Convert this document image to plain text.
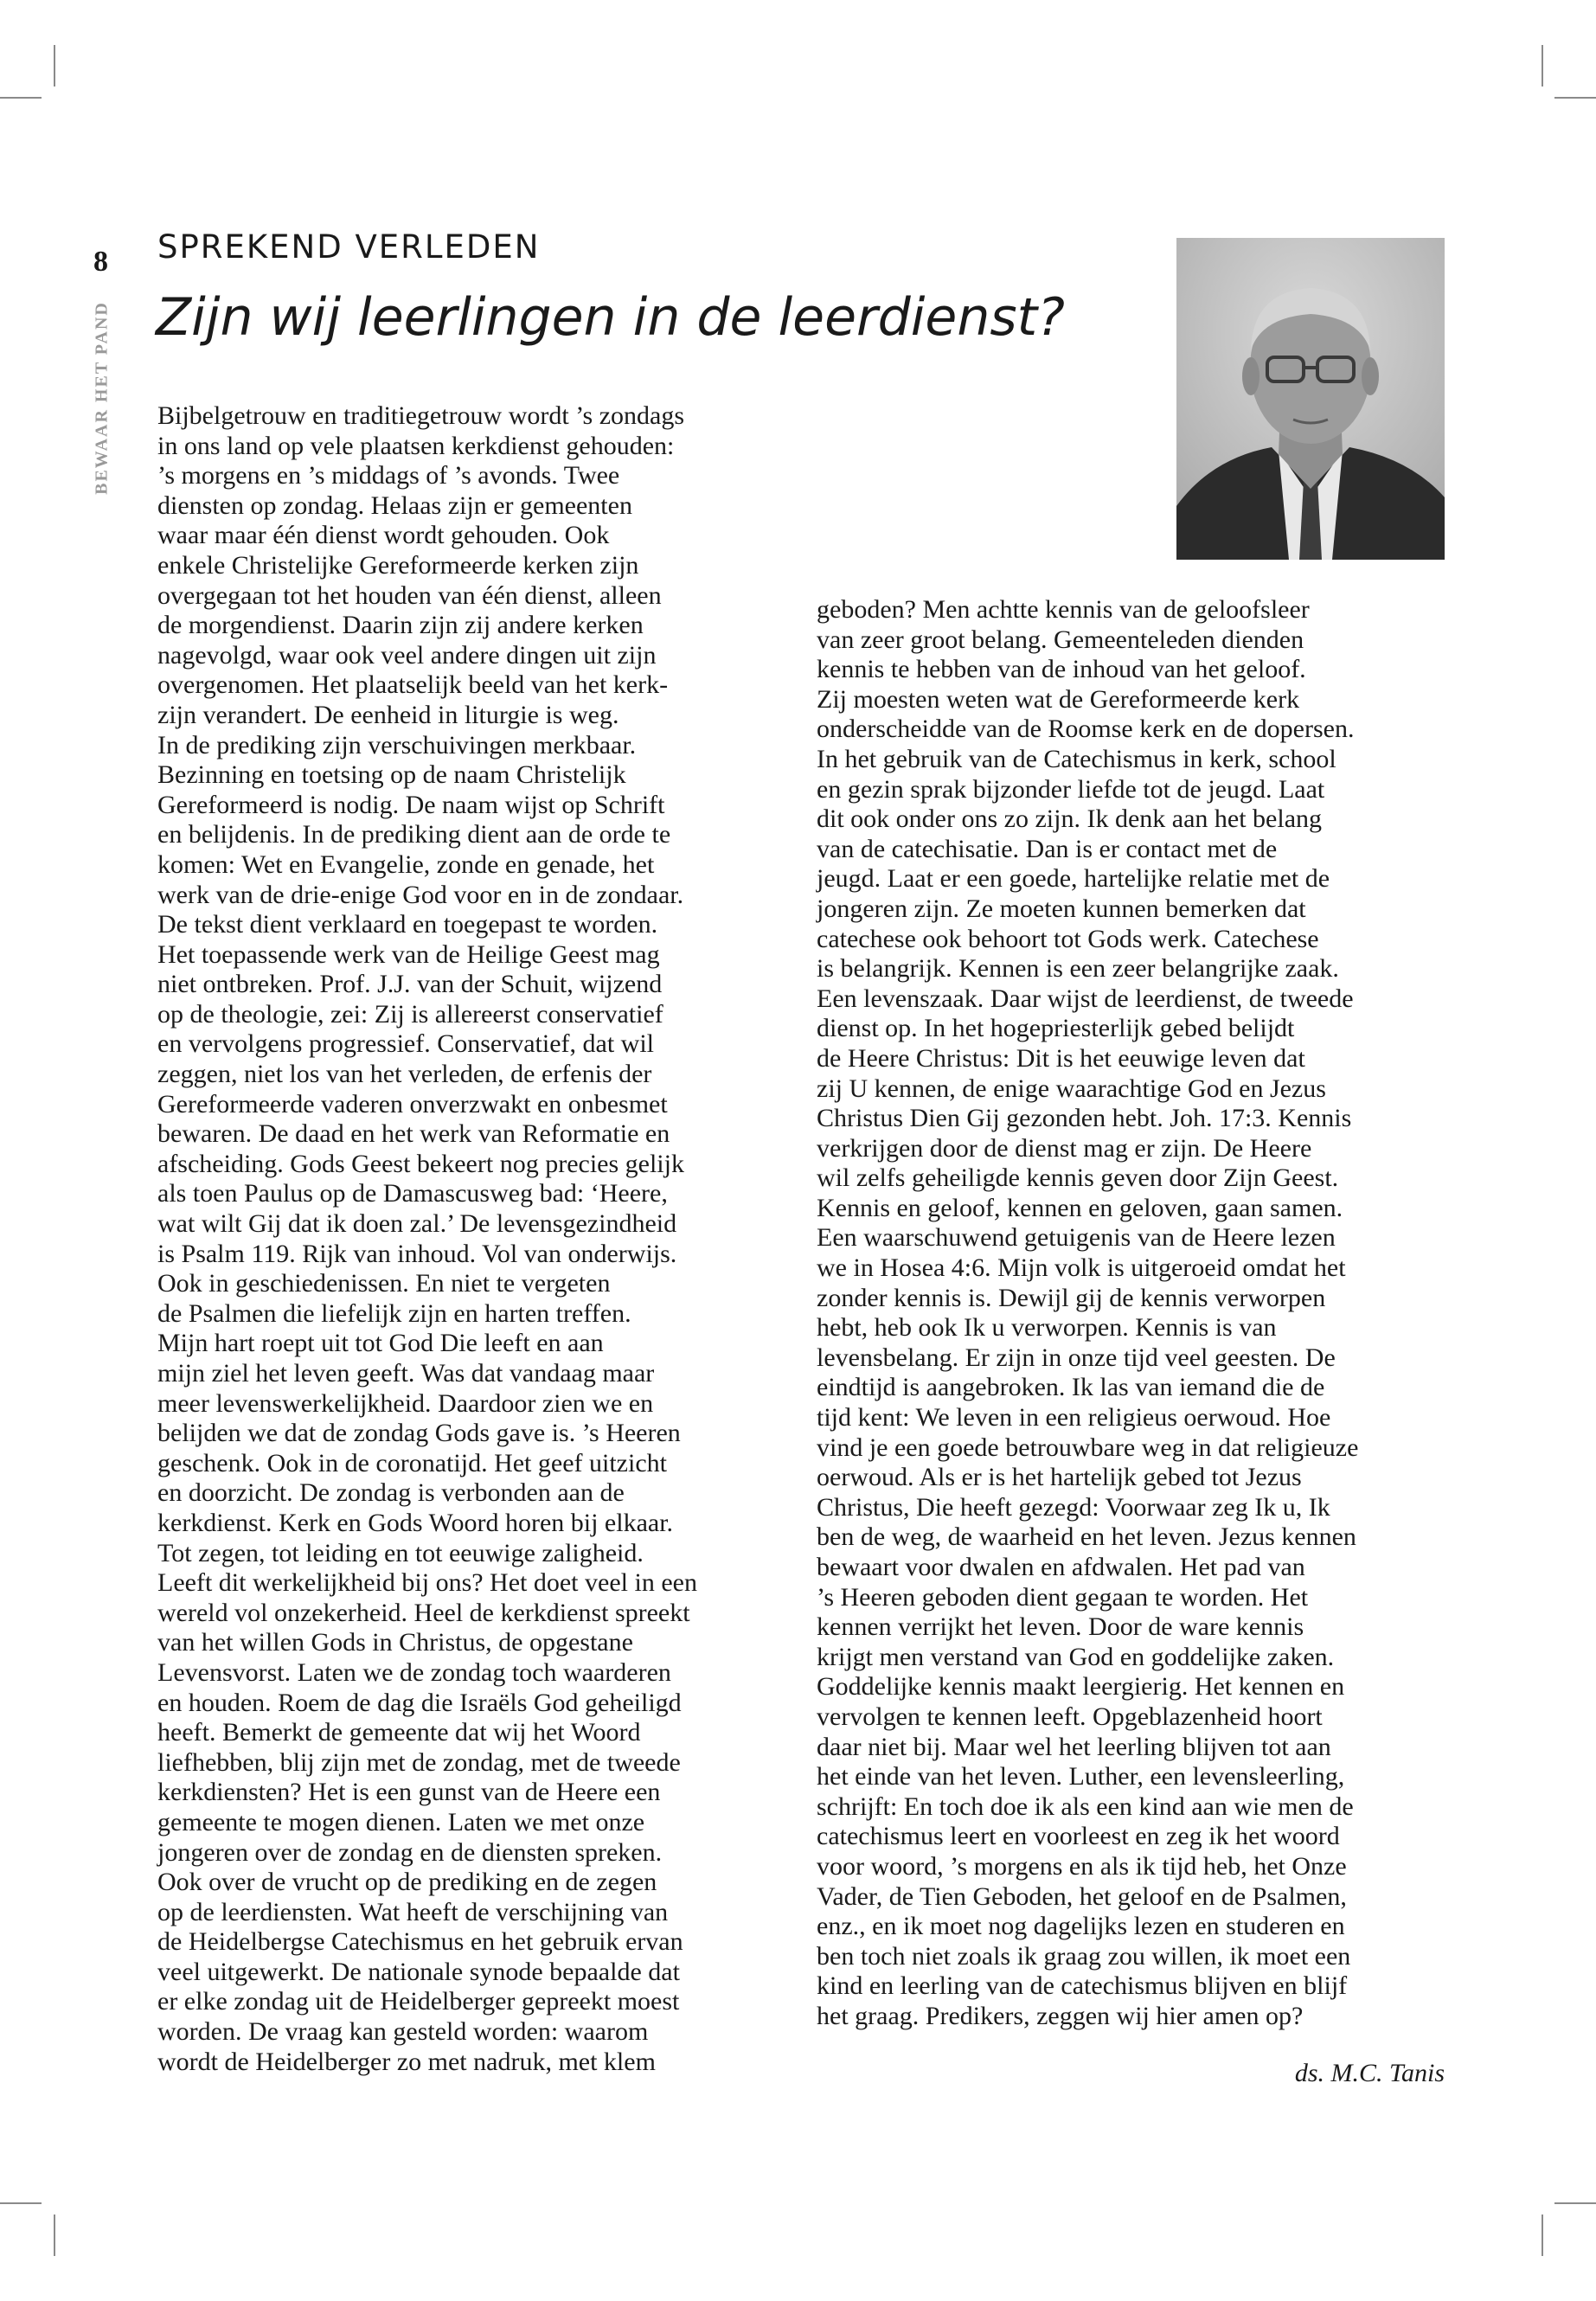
8
BEWAAR HET PAND
SPREKEND VERLEDEN
Zijn wij leerlingen in de leerdienst?
Bijbelgetrouw en traditiegetrouw wordt ’s zondags
in ons land op vele plaatsen kerkdienst gehouden:
’s morgens en ’s middags of ’s avonds. Twee
diensten op zondag. Helaas zijn er gemeenten
waar maar één dienst wordt gehouden. Ook
enkele Christelijke Gereformeerde kerken zijn
overgegaan tot het houden van één dienst, alleen
de morgendienst. Daarin zijn zij andere kerken
nagevolgd, waar ook veel andere dingen uit zijn
overgenomen. Het plaatselijk beeld van het kerk-
zijn verandert. De eenheid in liturgie is weg.
In de prediking zijn verschuivingen merkbaar.
Bezinning en toetsing op de naam Christelijk
Gereformeerd is nodig. De naam wijst op Schrift
en belijdenis. In de prediking dient aan de orde te
komen: Wet en Evangelie, zonde en genade, het
werk van de drie-enige God voor en in de zondaar.
De tekst dient verklaard en toegepast te worden.
Het toepassende werk van de Heilige Geest mag
niet ontbreken. Prof. J.J. van der Schuit, wijzend
op de theologie, zei: Zij is allereerst conservatief
en vervolgens progressief. Conservatief, dat wil
zeggen, niet los van het verleden, de erfenis der
Gereformeerde vaderen onverzwakt en onbesmet
bewaren. De daad en het werk van Reformatie en
afscheiding. Gods Geest bekeert nog precies gelijk
als toen Paulus op de Damascusweg bad: ‘Heere,
wat wilt Gij dat ik doen zal.’ De levensgezindheid
is Psalm 119. Rijk van inhoud. Vol van onderwijs.
Ook in geschiedenissen. En niet te vergeten
de Psalmen die liefelijk zijn en harten treffen.
Mijn hart roept uit tot God Die leeft en aan
mijn ziel het leven geeft. Was dat vandaag maar
meer levenswerkelijkheid. Daardoor zien we en
belijden we dat de zondag Gods gave is. ’s Heeren
geschenk. Ook in de coronatijd. Het geef uitzicht
en doorzicht. De zondag is verbonden aan de
kerkdienst. Kerk en Gods Woord horen bij elkaar.
Tot zegen, tot leiding en tot eeuwige zaligheid.
Leeft dit werkelijkheid bij ons? Het doet veel in een
wereld vol onzekerheid. Heel de kerkdienst spreekt
van het willen Gods in Christus, de opgestane
Levensvorst. Laten we de zondag toch waarderen
en houden. Roem de dag die Israëls God geheiligd
heeft. Bemerkt de gemeente dat wij het Woord
liefhebben, blij zijn met de zondag, met de tweede
kerkdiensten? Het is een gunst van de Heere een
gemeente te mogen dienen. Laten we met onze
jongeren over de zondag en de diensten spreken.
Ook over de vrucht op de prediking en de zegen
op de leerdiensten. Wat heeft de verschijning van
de Heidelbergse Catechismus en het gebruik ervan
veel uitgewerkt. De nationale synode bepaalde dat
er elke zondag uit de Heidelberger gepreekt moest
worden. De vraag kan gesteld worden: waarom
wordt de Heidelberger zo met nadruk, met klem
geboden? Men achtte kennis van de geloofsleer
van zeer groot belang. Gemeenteleden dienden
kennis te hebben van de inhoud van het geloof.
Zij moesten weten wat de Gereformeerde kerk
onderscheidde van de Roomse kerk en de dopersen.
In het gebruik van de Catechismus in kerk, school
en gezin sprak bijzonder liefde tot de jeugd. Laat
dit ook onder ons zo zijn. Ik denk aan het belang
van de catechisatie. Dan is er contact met de
jeugd. Laat er een goede, hartelijke relatie met de
jongeren zijn. Ze moeten kunnen bemerken dat
catechese ook behoort tot Gods werk. Catechese
is belangrijk. Kennen is een zeer belangrijke zaak.
Een levenszaak. Daar wijst de leerdienst, de tweede
dienst op. In het hogepriesterlijk gebed belijdt
de Heere Christus: Dit is het eeuwige leven dat
zij U kennen, de enige waarachtige God en Jezus
Christus Dien Gij gezonden hebt. Joh. 17:3. Kennis
verkrijgen door de dienst mag er zijn. De Heere
wil zelfs geheiligde kennis geven door Zijn Geest.
Kennis en geloof, kennen en geloven, gaan samen.
Een waarschuwend getuigenis van de Heere lezen
we in Hosea 4:6. Mijn volk is uitgeroeid omdat het
zonder kennis is. Dewijl gij de kennis verworpen
hebt, heb ook Ik u verworpen. Kennis is van
levensbelang. Er zijn in onze tijd veel geesten. De
eindtijd is aangebroken. Ik las van iemand die de
tijd kent: We leven in een religieus oerwoud. Hoe
vind je een goede betrouwbare weg in dat religieuze
oerwoud. Als er is het hartelijk gebed tot Jezus
Christus, Die heeft gezegd: Voorwaar zeg Ik u, Ik
ben de weg, de waarheid en het leven. Jezus kennen
bewaart voor dwalen en afdwalen. Het pad van
’s Heeren geboden dient gegaan te worden. Het
kennen verrijkt het leven. Door de ware kennis
krijgt men verstand van God en goddelijke zaken.
Goddelijke kennis maakt leergierig. Het kennen en
vervolgen te kennen leeft. Opgeblazenheid hoort
daar niet bij. Maar wel het leerling blijven tot aan
het einde van het leven. Luther, een levensleerling,
schrijft: En toch doe ik als een kind aan wie men de
catechismus leert en voorleest en zeg ik het woord
voor woord, ’s morgens en als ik tijd heb, het Onze
Vader, de Tien Geboden, het geloof en de Psalmen,
enz., en ik moet nog dagelijks lezen en studeren en
ben toch niet zoals ik graag zou willen, ik moet een
kind en leerling van de catechismus blijven en blijf
het graag. Predikers, zeggen wij hier amen op?
ds. M.C. Tanis
